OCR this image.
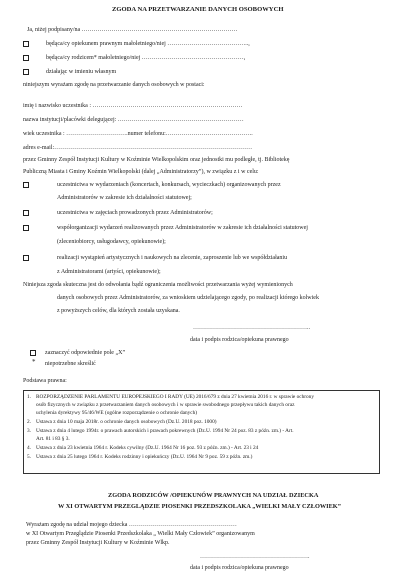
ZGODA NA PRZETWARZANIE DANYCH OSOBOWYCH
Ja, niżej podpisany/na ……………………………………………………………………
będąca/cy opiekunem prawnym małoletniego/niej …………………………………..,
będąca/cy rodzicem* małoletniego/niej ……………………………………………,
działając w imieniu własnym
niniejszym wyrażam zgodę na przetwarzanie danych osobowych w postaci:
imię i nazwisko uczestnika : …………………………………………………………………
nazwa instytucji/placówki delegującej: ………………………………………………………
wiek uczestnika : ………………………….numer telefonu:……………………………………..
adres e-mail:………………………………………………………………………………………
przez Gminny Zespół Instytucji Kultury w Koźminie Wielkopolskim oraz jednostki mu podległe, tj. Bibliotekę
Publiczną Miasta i Gminy Koźmin Wielkopolski (dalej „Administratorzy”), w związku z i w celu:
uczestnictwa w wydarzeniach (koncertach, konkursach, wycieczkach) organizowanych przez
Administratorów w zakresie ich działalności statutowej;
uczestnictwa w zajęciach prowadzonych przez Administratorów;
współorganizacji wydarzeń realizowanych przez Administratorów w zakresie ich działalności statutowej
(zleceniobiorcy, usługodawcy, opiekunowie);
realizacji wystąpień artystycznych i naukowych na zlecenie, zaproszenie lub we współdziałaniu
z Administratorami (artyści, opiekunowie);
Niniejsza zgoda skuteczna jest do odwołania bądź ograniczenia możliwości przetwarzania wyżej wymienionych
danych osobowych przez Administratorów, za wnioskiem udzielającego zgody, po realizacji którego kolwiek
z powyższych celów, dla których została uzyskana.
…………………………………………………..
data i podpis rodzica/opiekuna prawnego
zaznaczyć odpowiednie pole „X”
* niepotrzebne skreślić
Podstawa prawna:
1. ROZPORZĄDZENIE PARLAMENTU EUROPEJSKIEGO I RADY (UE) 2016/679 z dnia 27 kwietnia 2016 r. w sprawie ochrony
osób fizycznych w związku z przetwarzaniem danych osobowych i w sprawie swobodnego przepływu takich danych oraz
uchylenia dyrektywy 95/46/WE (ogólne rozporządzenie o ochronie danych)
2. Ustawa z dnia 10 maja 2018r. o ochronie danych osobowych (Dz.U. 2018 poz. 1000)
3. Ustawa z dnia 4 lutego 1994r. o prawach autorskich i prawach pokrewnych (Dz.U. 1994 Nr 24 poz. 83 z późn. zm.) - Art.
Art. 81 i 83 § 3.
4. Ustawa z dnia 23 kwietnia 1964 r. Kodeks cywilny (Dz.U. 1964 Nr 16 poz. 93 z późn. zm.) - Art. 23 i 24
5. Ustawa z dnia 25 lutego 1964 r. Kodeks rodzinny i opiekuńczy (Dz.U. 1964 Nr 9 poz. 59 z późn. zm.)
ZGODA RODZICÓW /OPIEKUNÓW PRAWNYCH NA UDZIAŁ DZIECKA
W XI OTWARTYM PRZEGLĄDZIE PIOSENKI PRZEDSZKOLAKA „WIELKI MAŁY CZŁOWIEK”
Wyrażam zgodę na udział mojego dziecka ………………………………………………
w XI Otwartym Przeglądzie Piosenki Przedszkolaka „ Wielki Mały Człowiek” organizowanym
przez Gminny Zespół Instytucji Kultury w Koźminie Wlkp.
……………………………………………….
data i podpis rodzica/opiekuna prawnego
